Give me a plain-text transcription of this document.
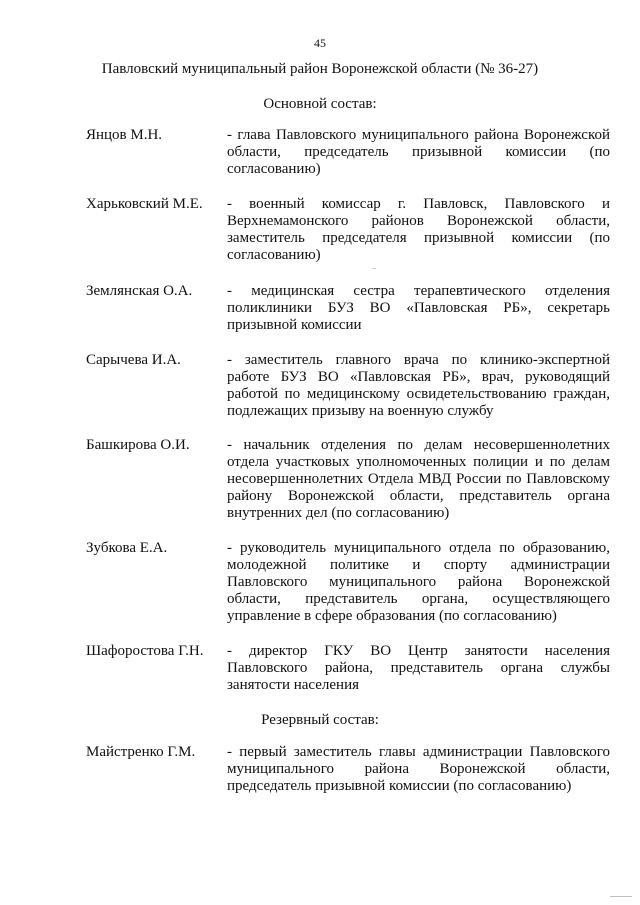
45
Павловский муниципальный район Воронежской области (№ 36-27)
Основной состав:
Янцов М.Н.	- глава Павловского муниципального района Воронежской области, председатель призывной комиссии (по согласованию)
Харьковский М.Е. - военный комиссар г. Павловск, Павловского и Верхнемамонского районов Воронежской области, заместитель председателя призывной комиссии (по согласованию)
Землянская О.А. - медицинская сестра терапевтического отделения поликлиники БУЗ ВО «Павловская РБ», секретарь призывной комиссии
Сарычева И.А.	- заместитель главного врача по клинико-экспертной работе БУЗ ВО «Павловская РБ», врач, руководящий работой по медицинскому освидетельствованию граждан, подлежащих призыву на военную службу
Башкирова О.И. - начальник отделения по делам несовершеннолетних отдела участковых уполномоченных полиции и по делам несовершеннолетних Отдела МВД России по Павловскому району Воронежской области, представитель органа внутренних дел (по согласованию)
Зубкова Е.А.	- руководитель муниципального отдела по образованию, молодежной политике и спорту администрации Павловского муниципального района Воронежской области, представитель органа, осуществляющего управление в сфере образования (по согласованию)
Шафоростова Г.Н. - директор ГКУ ВО Центр занятости населения Павловского района, представитель органа службы занятости населения
Резервный состав:
Майстренко Г.М. - первый заместитель главы администрации Павловского муниципального района Воронежской области, председатель призывной комиссии (по согласованию)
